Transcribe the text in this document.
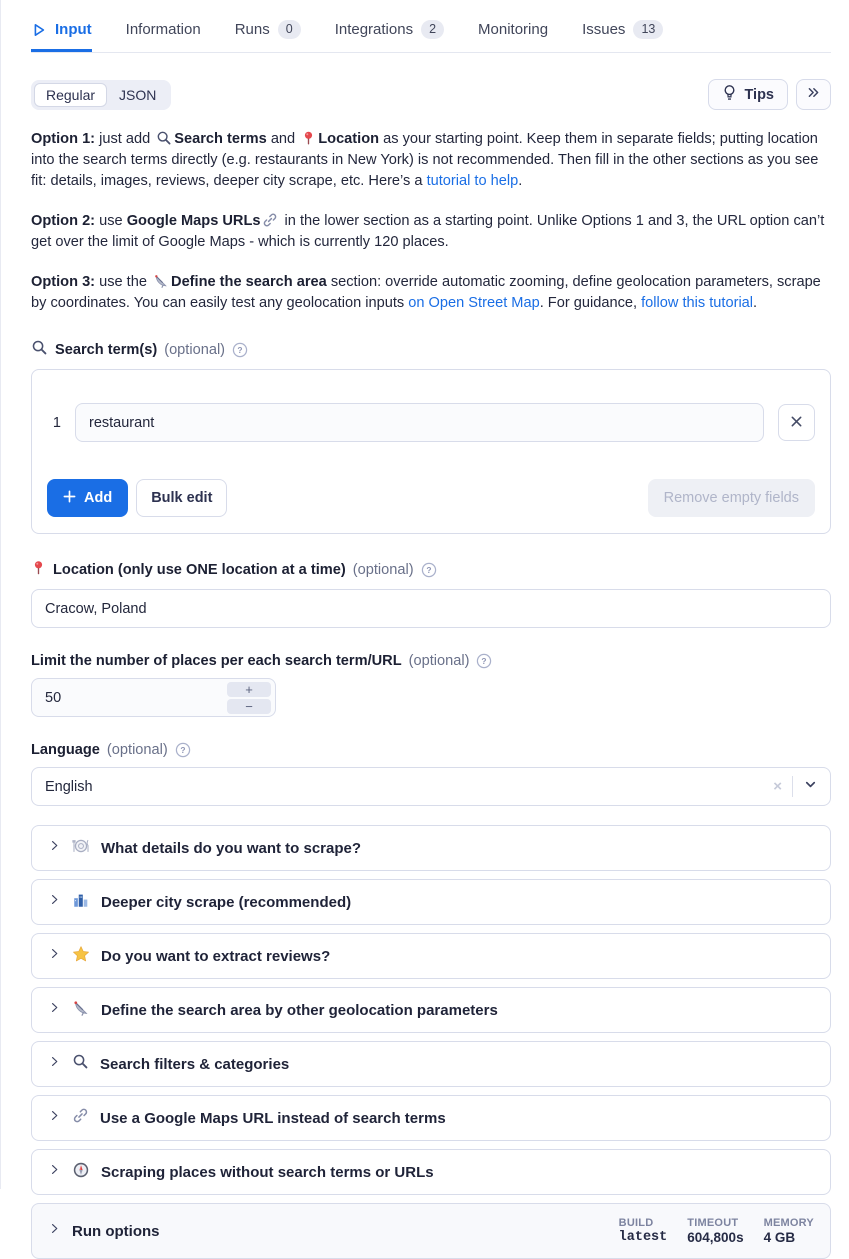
Input Information Runs	0	Integrations	2	Monitoring Issues	13
Regular	JSON	Tips

Option 1: just add
Search terms and
Location as your starting point. Keep them in separate fields; putting location into the search terms directly (e.g. restaurants in New York) is not recommended. Then fill in the other sections as you see fit: details, images, reviews, deeper city scrape, etc. Here’s a tutorial to help.

Option 2: use Google Maps URLs
in the lower section as a starting point. Unlike Options 1 and 3, the URL option can’t get over the limit of Google Maps - which is currently 120 places.

Option 3: use the
Define the search area section: override automatic zooming, define geolocation parameters, scrape by coordinates. You can easily test any geolocation inputs on Open Street Map. For guidance, follow this tutorial.

Search term(s) (optional) ?
1	restaurant
Add	Bulk edit	Remove empty fields
Location (only use ONE location at a time) (optional) ?
Cracow, Poland
Limit the number of places per each search term/URL (optional) ?
50
+
−
Language (optional) ?
English	×
What details do you want to scrape?
Deeper city scrape (recommended)
Do you want to extract reviews?
Define the search area by other geolocation parameters
Search filters & categories
Use a Google Maps URL instead of search terms
Scraping places without search terms or URLs
Run options	BUILD
latest
TIMEOUT
604,800s
MEMORY
4 GB
